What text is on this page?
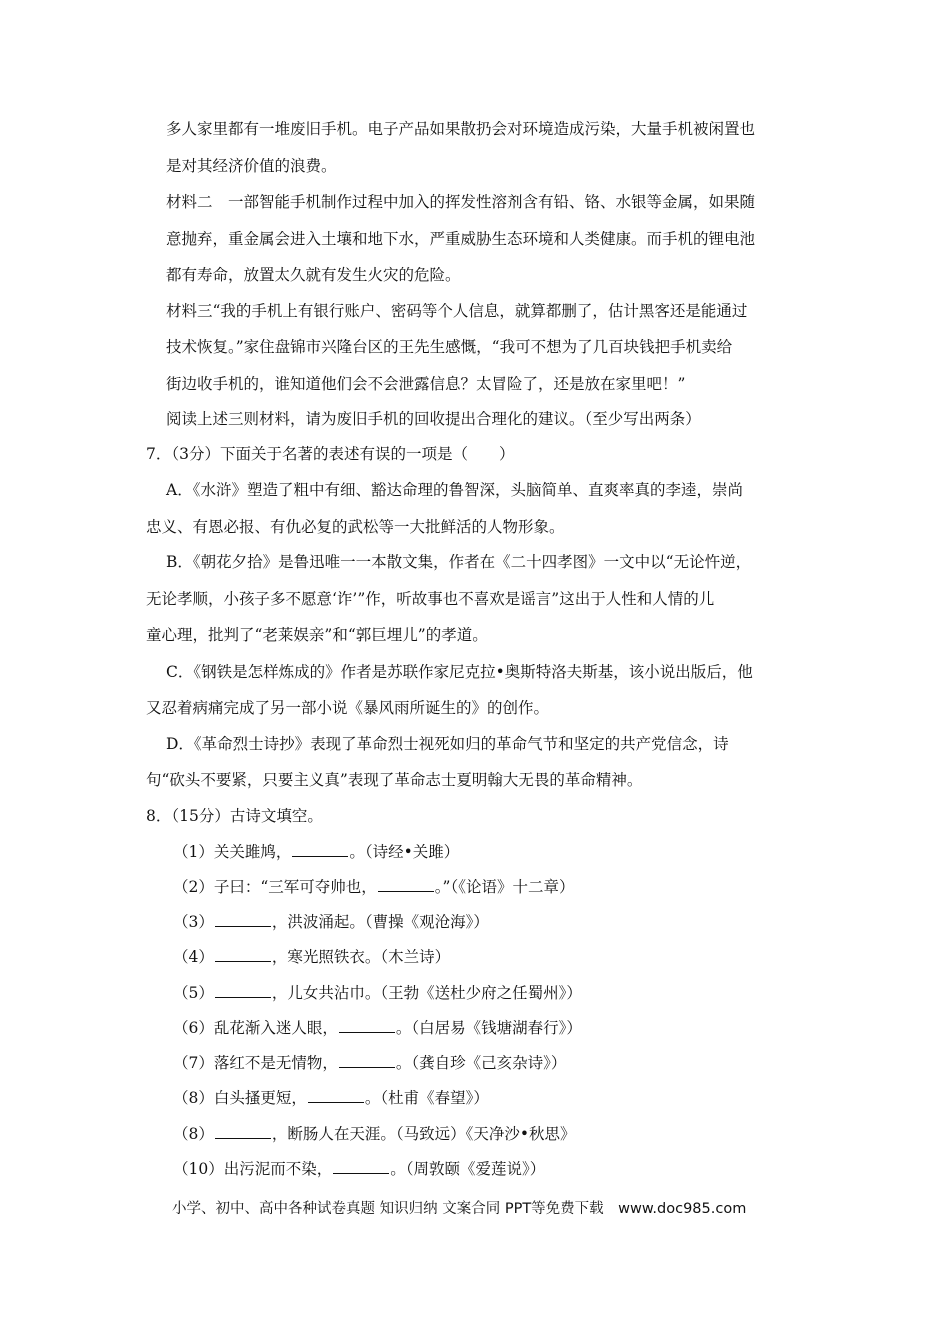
多人家里都有一堆废旧手机。电子产品如果散扔会对环境造成污染，大量手机被闲置也
是对其经济价值的浪费。
材料二　一部智能手机制作过程中加入的挥发性溶剂含有铅、铬、水银等金属，如果随
意抛弃，重金属会进入土壤和地下水，严重威胁生态环境和人类健康。而手机的锂电池
都有寿命，放置太久就有发生火灾的危险。
材料三“我的手机上有银行账户、密码等个人信息，就算都删了，估计黑客还是能通过
技术恢复。”家住盘锦市兴隆台区的王先生感慨，“我可不想为了几百块钱把手机卖给
街边收手机的，谁知道他们会不会泄露信息？太冒险了，还是放在家里吧！”
阅读上述三则材料，请为废旧手机的回收提出合理化的建议。（至少写出两条）
7．（3分）下面关于名著的表述有误的一项是（　　）
A．《水浒》塑造了粗中有细、豁达命理的鲁智深，头脑简单、直爽率真的李逵，崇尚
忠义、有恩必报、有仇必复的武松等一大批鲜活的人物形象。
B．《朝花夕拾》是鲁迅唯一一本散文集，作者在《二十四孝图》一文中以“无论忤逆，
无论孝顺，小孩子多不愿意‘诈’”作，听故事也不喜欢是谣言”这出于人性和人情的儿
童心理，批判了“老莱娱亲”和“郭巨埋儿”的孝道。
C．《钢铁是怎样炼成的》作者是苏联作家尼克拉•奥斯特洛夫斯基，该小说出版后，他
又忍着病痛完成了另一部小说《暴风雨所诞生的》的创作。
D．《革命烈士诗抄》表现了革命烈士视死如归的革命气节和坚定的共产党信念，诗
句“砍头不要紧，只要主义真”表现了革命志士夏明翰大无畏的革命精神。
8．（15分）古诗文填空。
（1）关关雎鸠，	。（诗经•关雎）
（2）子曰：“三军可夺帅也，	。”（《论语》十二章）
（3）	，洪波涌起。（曹操《观沧海》）
（4）	，寒光照铁衣。（木兰诗）
（5）	，儿女共沾巾。（王勃《送杜少府之任蜀州》）
（6）乱花渐入迷人眼，	。（白居易《钱塘湖春行》）
（7）落红不是无情物，	。（龚自珍《己亥杂诗》）
（8）白头搔更短，	。（杜甫《春望》）
（8）	，断肠人在天涯。（马致远）《天净沙•秋思》
（10）出污泥而不染，	。（周敦颐《爱莲说》）
小学、初中、高中各种试卷真题 知识归纳 文案合同 PPT等免费下载　www.doc985.com
